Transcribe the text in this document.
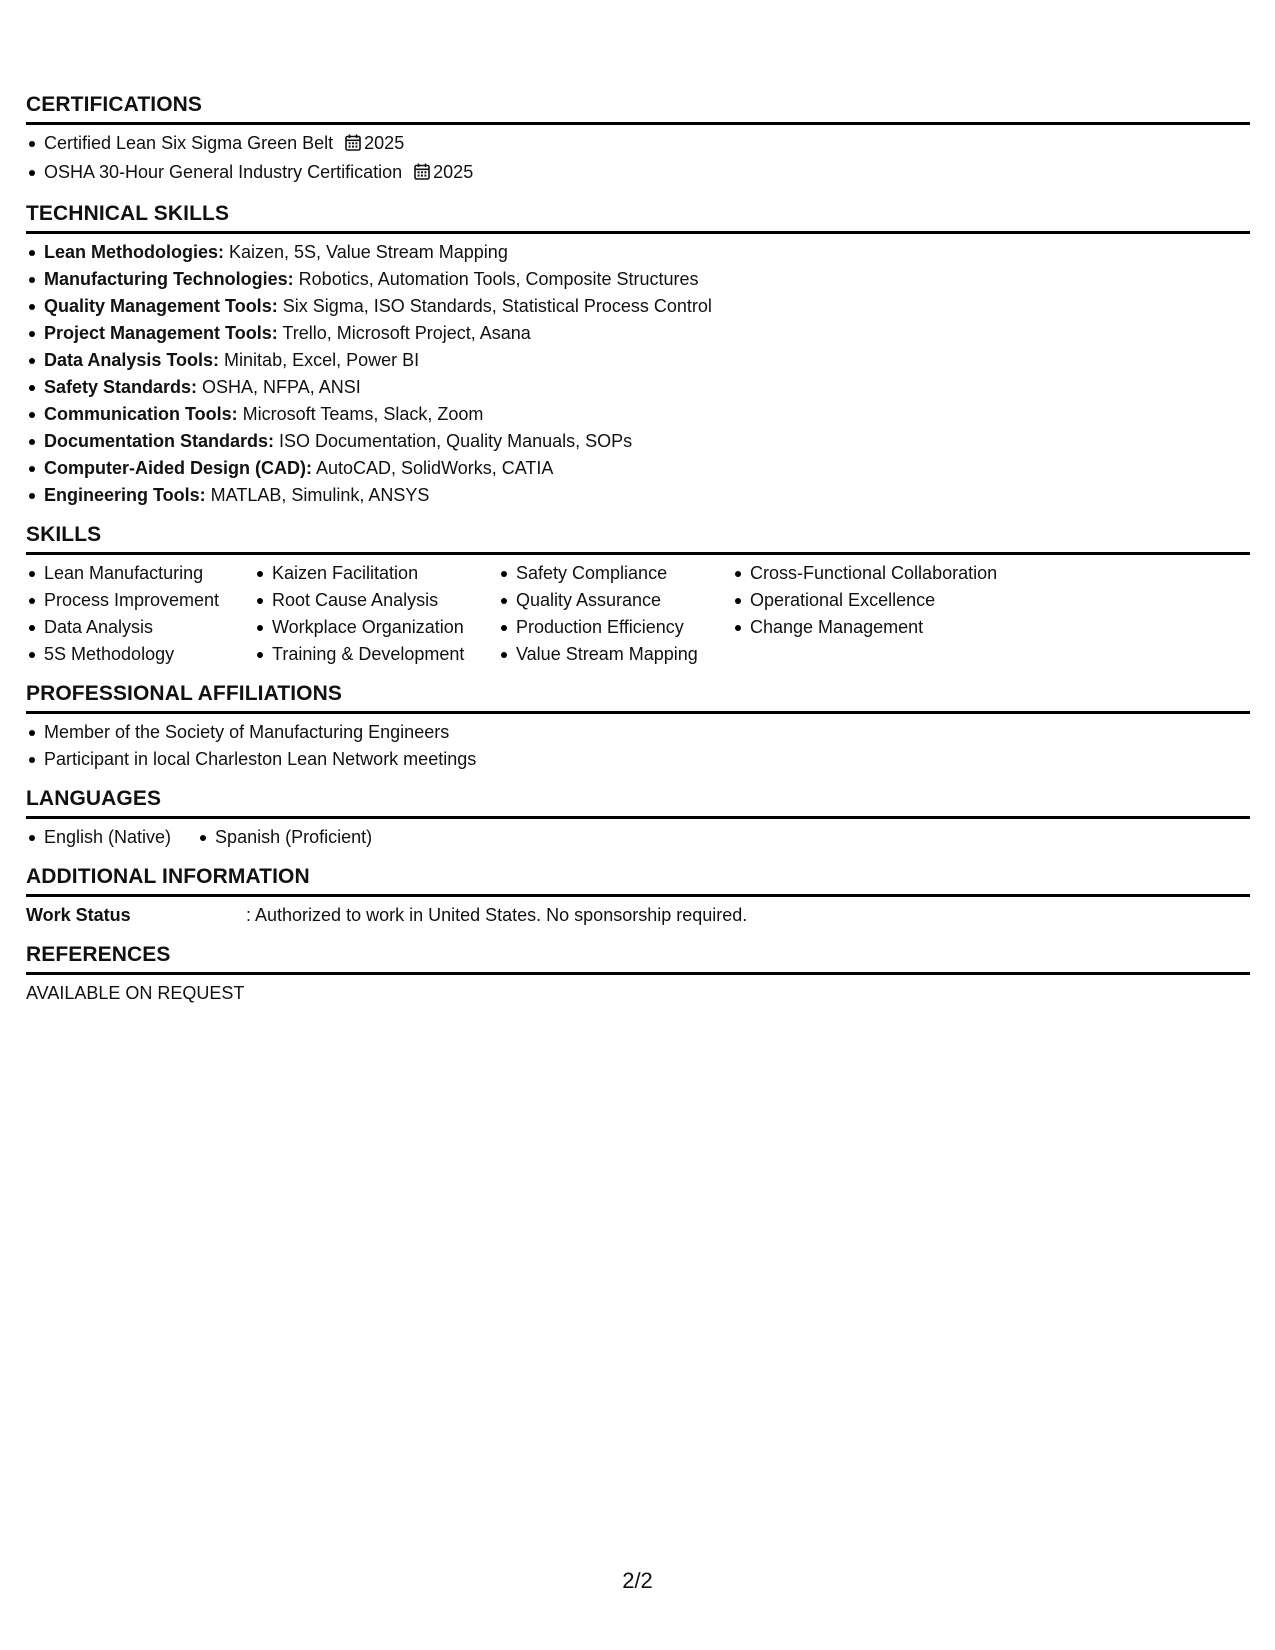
CERTIFICATIONS
Certified Lean Six Sigma Green Belt 2025
OSHA 30-Hour General Industry Certification 2025
TECHNICAL SKILLS
Lean Methodologies: Kaizen, 5S, Value Stream Mapping
Manufacturing Technologies: Robotics, Automation Tools, Composite Structures
Quality Management Tools: Six Sigma, ISO Standards, Statistical Process Control
Project Management Tools: Trello, Microsoft Project, Asana
Data Analysis Tools: Minitab, Excel, Power BI
Safety Standards: OSHA, NFPA, ANSI
Communication Tools: Microsoft Teams, Slack, Zoom
Documentation Standards: ISO Documentation, Quality Manuals, SOPs
Computer-Aided Design (CAD): AutoCAD, SolidWorks, CATIA
Engineering Tools: MATLAB, Simulink, ANSYS
SKILLS
Lean Manufacturing
Process Improvement
Data Analysis
5S Methodology
Kaizen Facilitation
Root Cause Analysis
Workplace Organization
Training & Development
Safety Compliance
Quality Assurance
Production Efficiency
Value Stream Mapping
Cross-Functional Collaboration
Operational Excellence
Change Management
PROFESSIONAL AFFILIATIONS
Member of the Society of Manufacturing Engineers
Participant in local Charleston Lean Network meetings
LANGUAGES
English (Native)	Spanish (Proficient)
ADDITIONAL INFORMATION
Work Status	: Authorized to work in United States. No sponsorship required.
REFERENCES

AVAILABLE ON REQUEST

2/2
